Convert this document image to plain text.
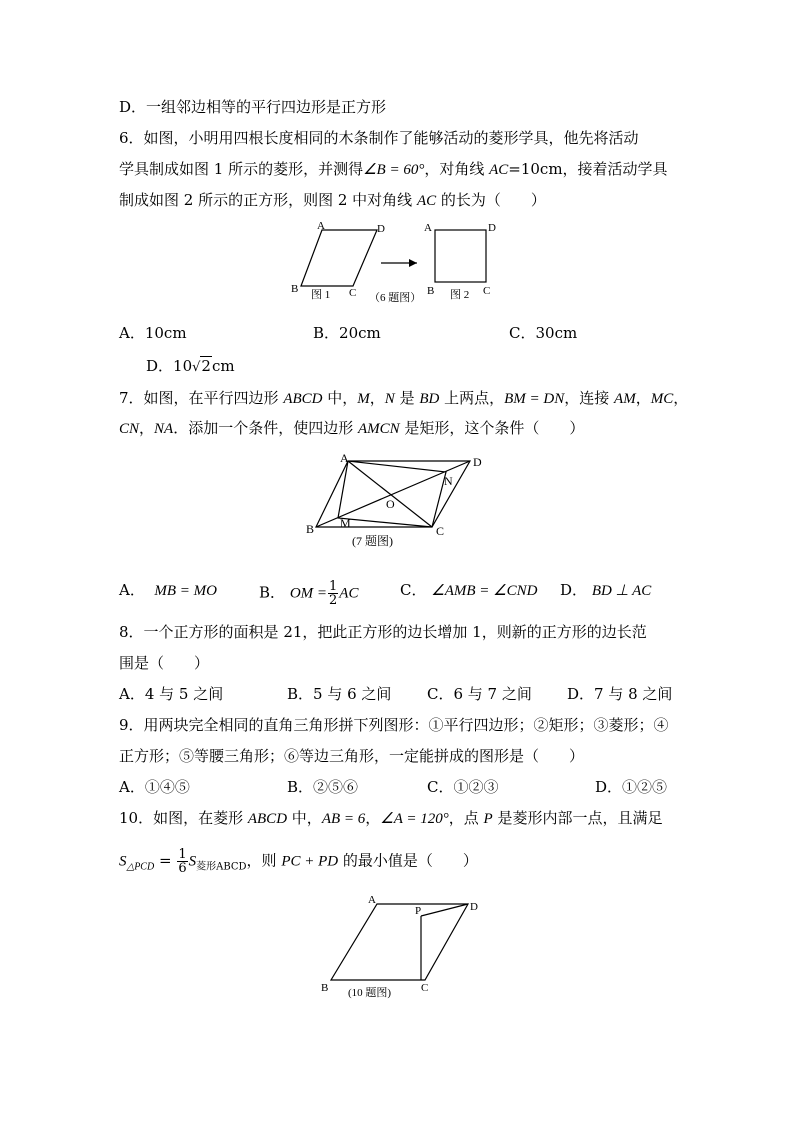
D．一组邻边相等的平行四边形是正方形
6．如图，小明用四根长度相同的木条制作了能够活动的菱形学具，他先将活动
学具制成如图 1 所示的菱形，并测得∠B = 60°，对角线 AC=10cm，接着活动学具
制成如图 2 所示的正方形，则图 2 中对角线 AC 的长为（　　）
A	D
B	C
图 1
A	D
B	C
图 2
（6 题图）
A．10cm	B．20cm	C．30cm
D．10√2cm
7．如图，在平行四边形 ABCD 中，M，N 是 BD 上两点，BM = DN，连接 AM，MC，
CN，NA．添加一个条件，使四边形 AMCN 是矩形，这个条件（　　）
A	D
B	C
M
N
O
(7 题图)
A． MB = MO	B． OM = $\frac{1}{2}$ AC	C． ∠AMB = ∠CND D． BD ⊥ AC
8．一个正方形的面积是 21，把此正方形的边长增加 1，则新的正方形的边长范
围是（　　）
A．4 与 5 之间	B．5 与 6 之间 C．6 与 7 之间 D．7 与 8 之间
9．用两块完全相同的直角三角形拼下列图形：①平行四边形；②矩形；③菱形；④
正方形；⑤等腰三角形；⑥等边三角形，一定能拼成的图形是（　　）
A．①④⑤	B．②⑤⑥	C．①②③	D．①②⑤
10．如图，在菱形 ABCD 中，AB = 6，∠A = 120°，点 P 是菱形内部一点，且满足
$S_{\triangle PCD} = \frac{1}{6} S_{菱形ABCD}$，则 PC + PD 的最小值是（　　）
A
D
P
B	C
(10 题图)
